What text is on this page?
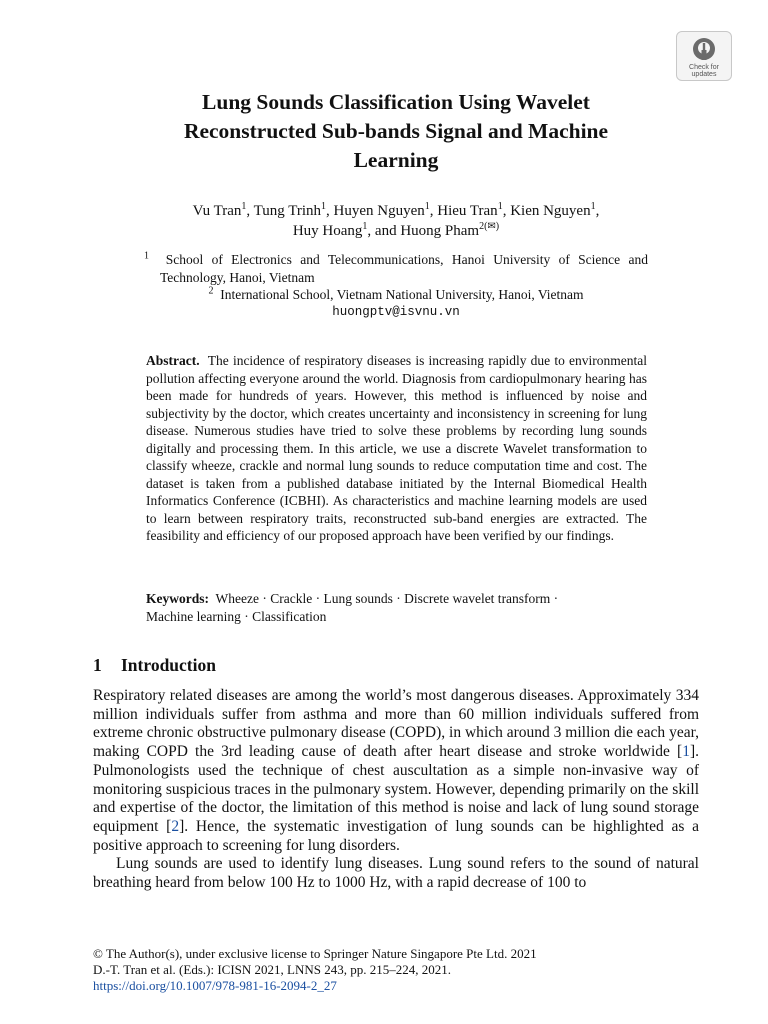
Check for
updates
Lung Sounds Classification Using Wavelet
Reconstructed Sub-bands Signal and Machine
Learning
Vu Tran$^1$, Tung Trinh$^1$, Huyen Nguyen$^1$, Hieu Tran$^1$, Kien Nguyen$^1$,
Huy Hoang$^1$, and Huong Pham$^{2(✉)}$
$^1$ School of Electronics and Telecommunications, Hanoi University of Science and Technology, Hanoi, Vietnam
$^2$ International School, Vietnam National University, Hanoi, Vietnam
huongptv@isvnu.vn

Abstract. The incidence of respiratory diseases is increasing rapidly due to environmental pollution affecting everyone around the world. Diagnosis from cardiopulmonary hearing has been made for hundreds of years. However, this method is influenced by noise and subjectivity by the doctor, which creates uncertainty and inconsistency in screening for lung disease. Numerous studies have tried to solve these problems by recording lung sounds digitally and processing them. In this article, we use a discrete Wavelet transformation to classify wheeze, crackle and normal lung sounds to reduce computation time and cost. The dataset is taken from a published database initiated by the Internal Biomedical Health Informatics Conference (ICBHI). As characteristics and machine learning models are used to learn between respiratory traits, reconstructed sub-band energies are extracted. The feasibility and efficiency of our proposed approach have been verified by our findings.

Keywords: Wheeze · Crackle · Lung sounds · Discrete wavelet transform ·
Machine learning · Classification

1 Introduction

Respiratory related diseases are among the world’s most dangerous diseases. Approximately 334 million individuals suffer from asthma and more than 60 million individuals suffered from extreme chronic obstructive pulmonary disease (COPD), in which around 3 million die each year, making COPD the 3rd leading cause of death after heart disease and stroke worldwide [1]. Pulmonologists used the technique of chest auscultation as a simple non-invasive way of monitoring suspicious traces in the pulmonary system. However, depending primarily on the skill and expertise of the doctor, the limitation of this method is noise and lack of lung sound storage equipment [2]. Hence, the systematic investigation of lung sounds can be highlighted as a positive approach to screening for lung disorders.

Lung sounds are used to identify lung diseases. Lung sound refers to the sound of natural breathing heard from below 100 Hz to 1000 Hz, with a rapid decrease of 100 to

© The Author(s), under exclusive license to Springer Nature Singapore Pte Ltd. 2021
D.-T. Tran et al. (Eds.): ICISN 2021, LNNS 243, pp. 215–224, 2021.
https://doi.org/10.1007/978-981-16-2094-2_27
